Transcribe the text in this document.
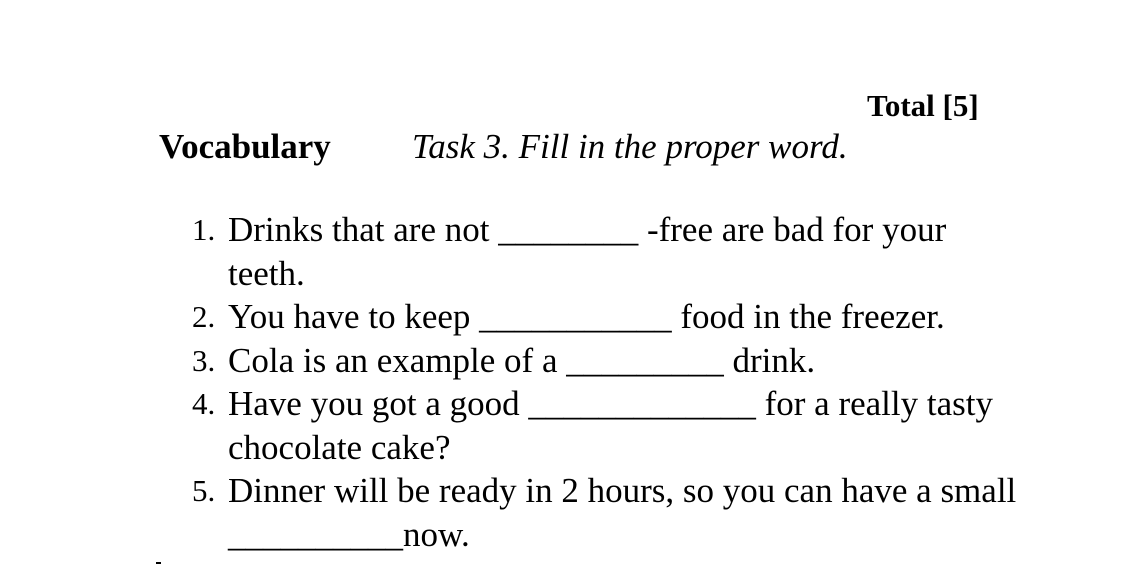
Total [5]
Vocabulary Task 3. Fill in the proper word.
1. Drinks that are not ________ -free are bad for your teeth.
2. You have to keep ___________ food in the freezer.
3. Cola is an example of a _________ drink.
4. Have you got a good _____________ for a really tasty chocolate cake?
5. Dinner will be ready in 2 hours, so you can have a small __________now.
